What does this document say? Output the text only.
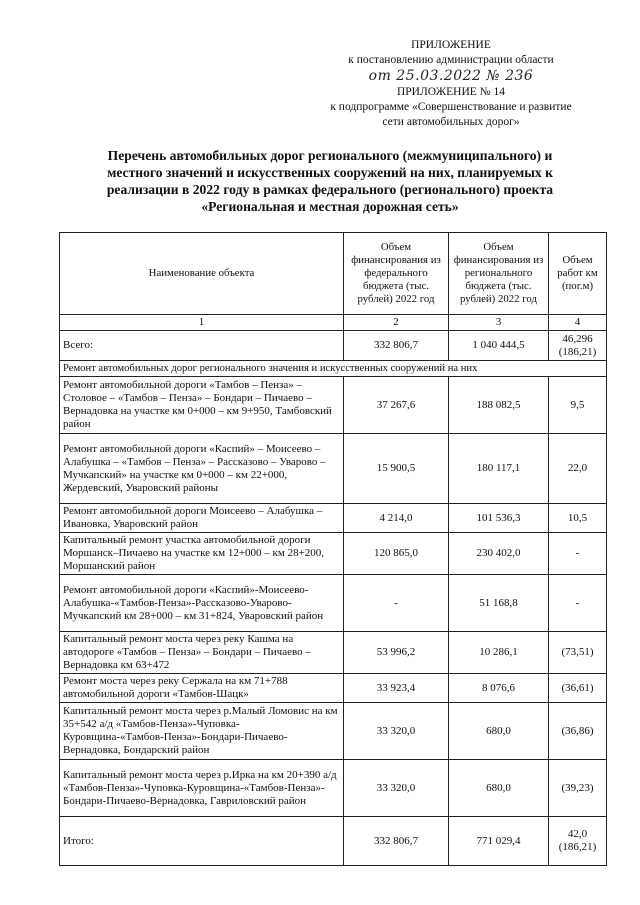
ПРИЛОЖЕНИЕ
к постановлению администрации области
от 25.03.2022 № 236
ПРИЛОЖЕНИЕ № 14
к подпрограмме «Совершенствование и развитие
сети автомобильных дорог»
Перечень автомобильных дорог регионального (межмуниципального) и
местного значений и искусственных сооружений на них, планируемых к
реализации в 2022 году в рамках федерального (регионального) проекта
«Региональная и местная дорожная сеть»
Наименование объекта	Объем финансирования из федерального бюджета (тыс. рублей) 2022 год	Объем финансирования из регионального бюджета (тыс. рублей) 2022 год	Объем работ км (пог.м)
1	2	3	4
Всего:	332 806,7	1 040 444,5	46,296
(186,21)

Ремонт автомобильных дорог регионального значения и искусственных сооружений на них			
Ремонт автомобильной дороги «Тамбов – Пенза» – Столовое – «Тамбов – Пенза» – Бондари – Пичаево – Вернадовка на участке км 0+000 – км 9+950, Тамбовский район	37 267,6	188 082,5	9,5
Ремонт автомобильной дороги «Каспий» – Моисеево – Алабушка – «Тамбов – Пенза» – Рассказово – Уварово –Мучкапский» на участке км 0+000 – км 22+000, Жердевский, Уваровский районы	15 900,5	180 117,1	22,0
Ремонт автомобильной дороги Моисеево – Алабушка – Ивановка, Уваровский район	4 214,0	101 536,3	10,5
Капитальный ремонт участка автомобильной дороги Моршанск–Пичаево на участке км 12+000 – км 28+200, Моршанский район	120 865,0	230 402,0	-
Ремонт автомобильной дороги «Каспий»-Моисеево-Алабушка-«Тамбов-Пенза»-Рассказово-Уварово-Мучкапский км 28+000 – км 31+824, Уваровский район	-	51 168,8	-
Капитальный ремонт моста через реку Кашма на автодороге «Тамбов – Пенза» – Бондари – Пичаево – Вернадовка км 63+472	53 996,2	10 286,1	(73,51)
Ремонт моста через реку Сержала на км 71+788 автомобильной дороги «Тамбов-Шацк»	33 923,4	8 076,6	(36,61)
Капитальный ремонт моста через р.Малый Ломовис на км 35+542 а/д «Тамбов-Пенза»-Чуповка-Куровщина-«Тамбов-Пенза»-Бондари-Пичаево-Вернадовка, Бондарский район	33 320,0	680,0	(36,86)
Капитальный ремонт моста через р.Ирка на км 20+390 а/д «Тамбов-Пенза»-Чуповка-Куровщина-«Тамбов-Пенза»-Бондари-Пичаево-Вернадовка, Гавриловский район	33 320,0	680,0	(39,23)
Итого:	332 806,7	771 029,4	42,0
(186,21)
